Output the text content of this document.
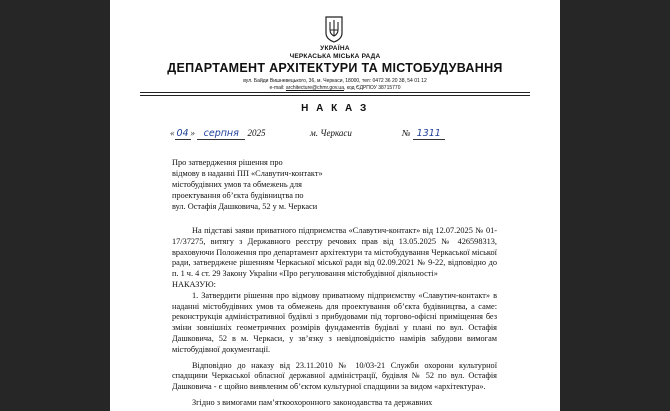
УКРАЇНА
ЧЕРКАСЬКА МІСЬКА РАДА
ДЕПАРТАМЕНТ АРХІТЕКТУРИ ТА МІСТОБУДУВАННЯ
вул. Байди Вишневецького, 36, м. Черкаси, 18000, тел: 0472 36 20 38, 54 01 12
e-mail: architecture@chmr.gov.ua, код ЄДРПОУ 38715770
Н А К А З
« 04 » серпня 2025	м. Черкаси	№ 1311
Про затвердження рішення про
відмову в наданні ПП «Славутич-контакт»
містобудівних умов та обмежень для
проектування об’єкта будівництва по
вул. Остафія Дашковича, 52 у м. Черкаси

На підставі заяви приватного підприємства «Славутич-контакт» від 12.07.2025 № 01-17/37275, витягу з Державного реєстру речових прав від 13.05.2025 № 426598313, враховуючи Положення про департамент архітектури та містобудування Черкаської міської ради, затверджене рішенням Черкаської міської ради від 02.09.2021 № 9-22, відповідно до п. 1 ч. 4 ст. 29 Закону України «Про регулювання містобудівної діяльності»

НАКАЗУЮ:

1. Затвердити рішення про відмову приватному підприємству «Славутич-контакт» в наданні містобудівних умов та обмежень для проектування об’єкта будівництва, а саме: реконструкція адміністративної будівлі з прибудовами під торгово-офісні приміщення без зміни зовнішніх геометричних розмірів фундаментів будівлі у плані по вул. Остафія Дашковича, 52 в м. Черкаси, у зв’язку з невідповідністю намірів забудови вимогам містобудівної документації.

Відповідно до наказу від 23.11.2010 № 10/03-21 Служби охорони культурної спадщини Черкаської обласної державної адміністрації, будівля № 52 по вул. Остафія Дашковича - є щойно виявленим об’єктом культурної спадщини за видом «архітектура».

Згідно з вимогами пам’яткоохоронного законодавства та державних
